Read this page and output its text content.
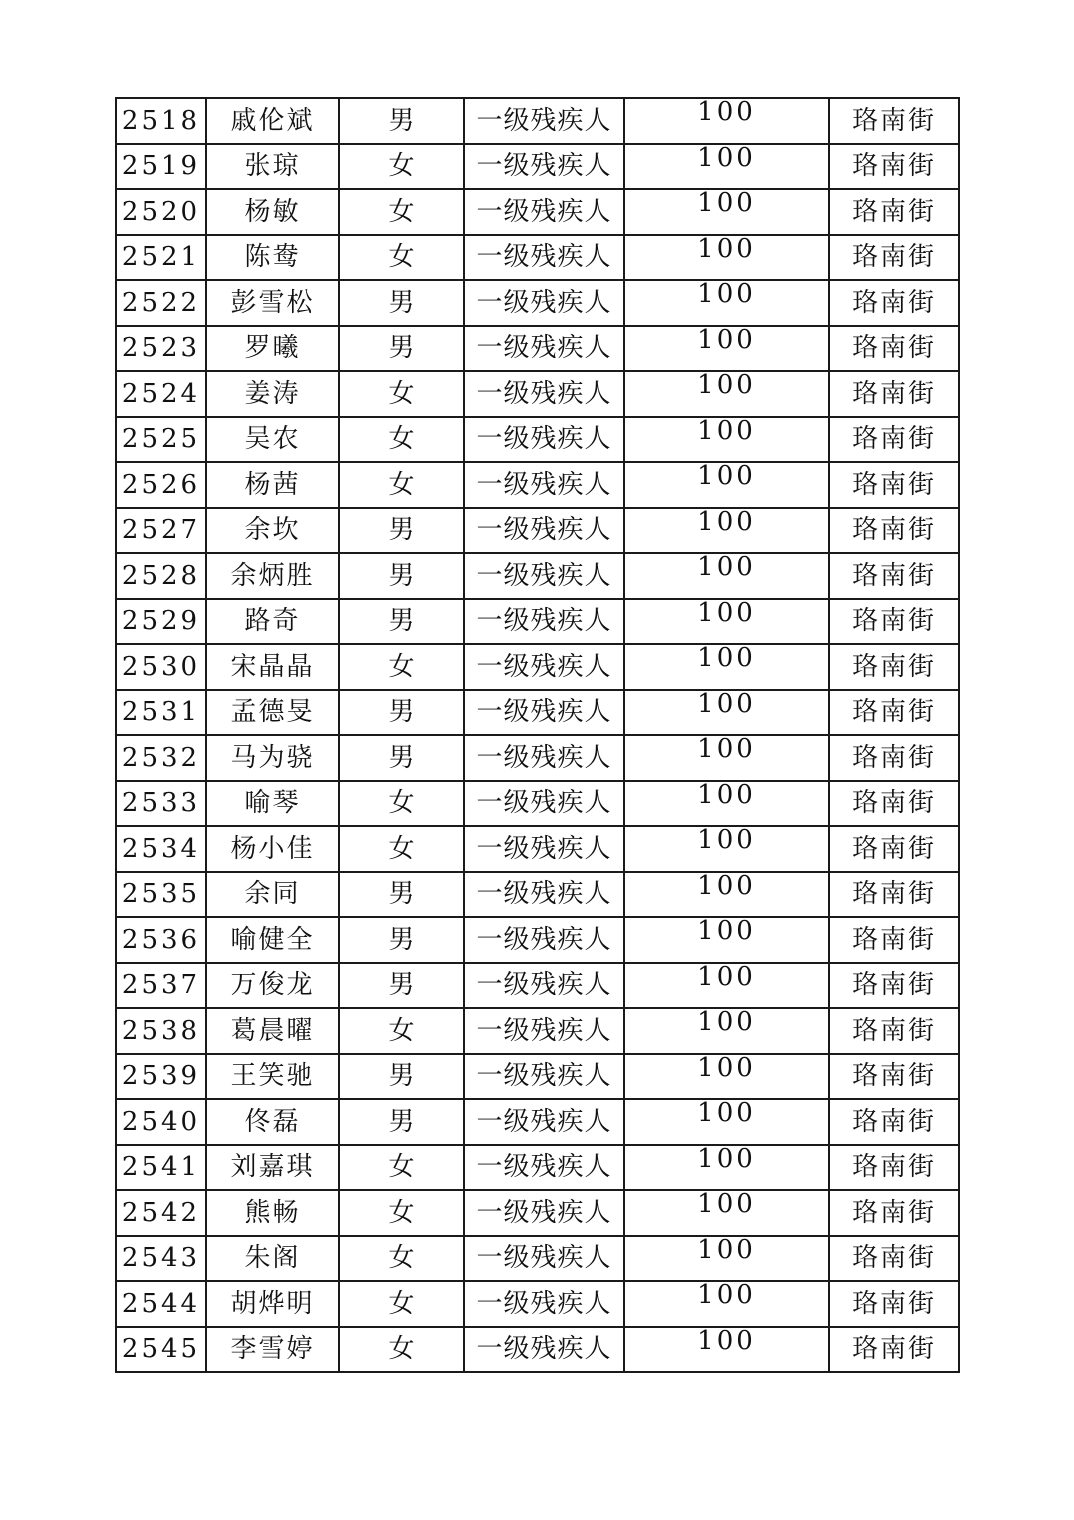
2518	戚伦斌	男	一级残疾人	100	珞南街
2519	张琼	女	一级残疾人	100	珞南街
2520	杨敏	女	一级残疾人	100	珞南街
2521	陈鸯	女	一级残疾人	100	珞南街
2522	彭雪松	男	一级残疾人	100	珞南街
2523	罗曦	男	一级残疾人	100	珞南街
2524	姜涛	女	一级残疾人	100	珞南街
2525	吴农	女	一级残疾人	100	珞南街
2526	杨茜	女	一级残疾人	100	珞南街
2527	余坎	男	一级残疾人	100	珞南街
2528	余炳胜	男	一级残疾人	100	珞南街
2529	路奇	男	一级残疾人	100	珞南街
2530	宋晶晶	女	一级残疾人	100	珞南街
2531	孟德旻	男	一级残疾人	100	珞南街
2532	马为骁	男	一级残疾人	100	珞南街
2533	喻琴	女	一级残疾人	100	珞南街
2534	杨小佳	女	一级残疾人	100	珞南街
2535	余同	男	一级残疾人	100	珞南街
2536	喻健全	男	一级残疾人	100	珞南街
2537	万俊龙	男	一级残疾人	100	珞南街
2538	葛晨曜	女	一级残疾人	100	珞南街
2539	王笑驰	男	一级残疾人	100	珞南街
2540	佟磊	男	一级残疾人	100	珞南街
2541	刘嘉琪	女	一级残疾人	100	珞南街
2542	熊畅	女	一级残疾人	100	珞南街
2543	朱阁	女	一级残疾人	100	珞南街
2544	胡烨明	女	一级残疾人	100	珞南街
2545	李雪婷	女	一级残疾人	100	珞南街
